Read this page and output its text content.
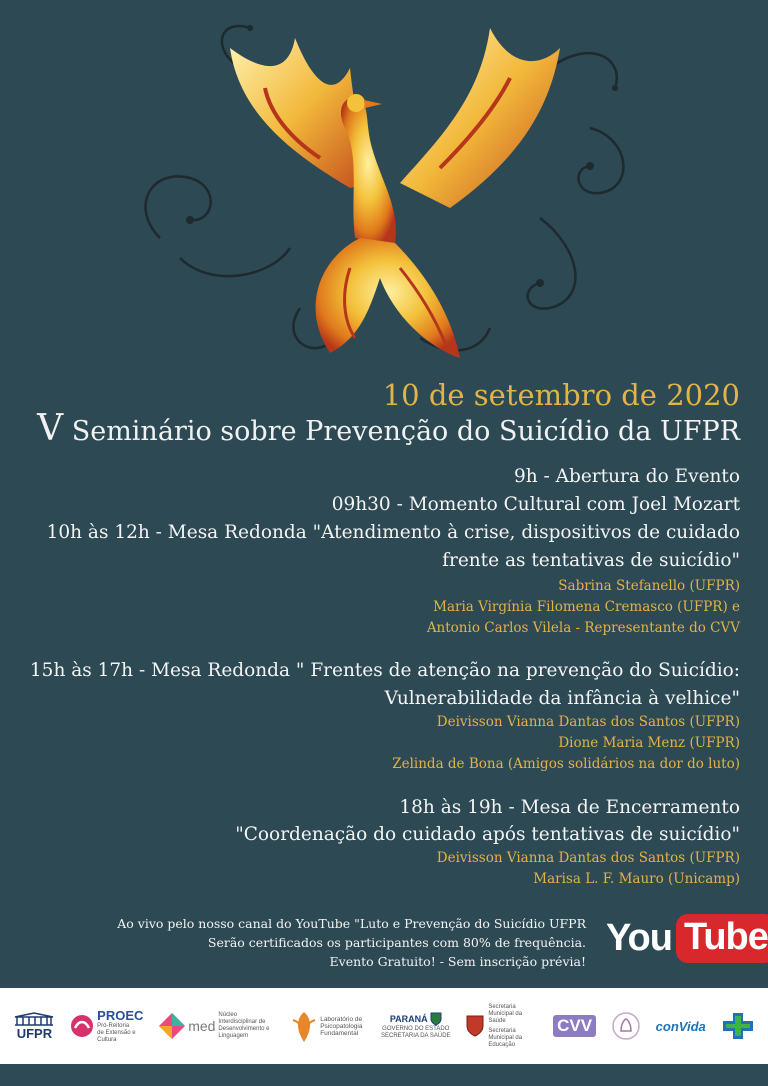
10 de setembro de 2020
V Seminário sobre Prevenção do Suicídio da UFPR
9h - Abertura do Evento
09h30 - Momento Cultural com Joel Mozart
10h às 12h - Mesa Redonda "Atendimento à crise, dispositivos de cuidado
frente as tentativas de suicídio"
Sabrina Stefanello (UFPR)
Maria Virgínia Filomena Cremasco (UFPR) e
Antonio Carlos Vilela - Representante do CVV
15h às 17h - Mesa Redonda " Frentes de atenção na prevenção do Suicídio:
Vulnerabilidade da infância à velhice"
Deivisson Vianna Dantas dos Santos (UFPR)
Dione Maria Menz (UFPR)
Zelinda de Bona (Amigos solidários na dor do luto)
18h às 19h - Mesa de Encerramento
"Coordenação do cuidado após tentativas de suicídio"
Deivisson Vianna Dantas dos Santos (UFPR)
Marisa L. F. Mauro (Unicamp)
Ao vivo pelo nosso canal do YouTube "Luto e Prevenção do Suicídio UFPR
Serão certificados os participantes com 80% de frequência.
Evento Gratuito! - Sem inscrição prévia!
You Tube
UFPR
PROEC
Pró-Reitoria de Extensão e Cultura
med
Núcleo Interdisciplinar de Desenvolvimento e Linguagem
Laboratório de Psicopatologia Fundamental
PARANÁ
GOVERNO DO ESTADO
SECRETARIA DA SAÚDE
Secretaria Municipal da Saúde
Secretaria Municipal da Educação
CVV	conVida
